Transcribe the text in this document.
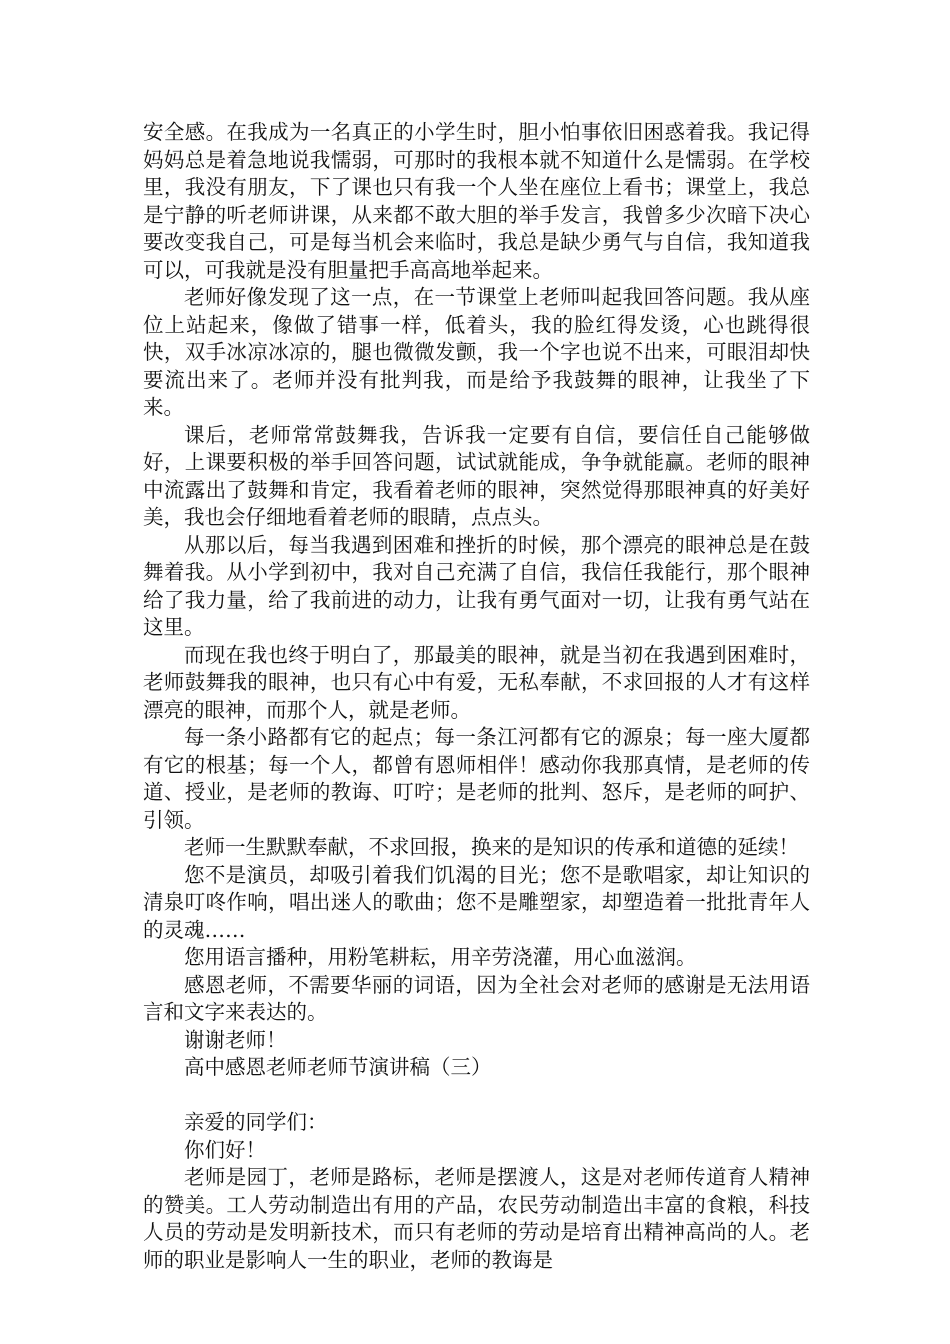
安全感。在我成为一名真正的小学生时，胆小怕事依旧困惑着我。我记得妈妈总是着急地说我懦弱，可那时的我根本就不知道什么是懦弱。在学校里，我没有朋友，下了课也只有我一个人坐在座位上看书；课堂上，我总是宁静的听老师讲课，从来都不敢大胆的举手发言，我曾多少次暗下决心要改变我自己，可是每当机会来临时，我总是缺少勇气与自信，我知道我可以，可我就是没有胆量把手高高地举起来。

老师好像发现了这一点，在一节课堂上老师叫起我回答问题。我从座位上站起来，像做了错事一样，低着头，我的脸红得发烫，心也跳得很快，双手冰凉冰凉的，腿也微微发颤，我一个字也说不出来，可眼泪却快要流出来了。老师并没有批判我，而是给予我鼓舞的眼神，让我坐了下来。

课后，老师常常鼓舞我，告诉我一定要有自信，要信任自己能够做好，上课要积极的举手回答问题，试试就能成，争争就能赢。老师的眼神中流露出了鼓舞和肯定，我看着老师的眼神，突然觉得那眼神真的好美好美，我也会仔细地看着老师的眼睛，点点头。

从那以后，每当我遇到困难和挫折的时候，那个漂亮的眼神总是在鼓舞着我。从小学到初中，我对自己充满了自信，我信任我能行，那个眼神给了我力量，给了我前进的动力，让我有勇气面对一切，让我有勇气站在这里。

而现在我也终于明白了，那最美的眼神，就是当初在我遇到困难时，老师鼓舞我的眼神，也只有心中有爱，无私奉献，不求回报的人才有这样漂亮的眼神，而那个人，就是老师。

每一条小路都有它的起点；每一条江河都有它的源泉；每一座大厦都有它的根基；每一个人，都曾有恩师相伴！感动你我那真情，是老师的传道、授业，是老师的教诲、叮咛；是老师的批判、怒斥，是老师的呵护、引领。

老师一生默默奉献，不求回报，换来的是知识的传承和道德的延续！

您不是演员，却吸引着我们饥渴的目光；您不是歌唱家，却让知识的清泉叮咚作响，唱出迷人的歌曲；您不是雕塑家，却塑造着一批批青年人的灵魂……

您用语言播种，用粉笔耕耘，用辛劳浇灌，用心血滋润。

感恩老师，不需要华丽的词语，因为全社会对老师的感谢是无法用语言和文字来表达的。

谢谢老师！

高中感恩老师老师节演讲稿（三）

亲爱的同学们：

你们好！

老师是园丁，老师是路标，老师是摆渡人，这是对老师传道育人精神的赞美。工人劳动制造出有用的产品，农民劳动制造出丰富的食粮，科技人员的劳动是发明新技术，而只有老师的劳动是培育出精神高尚的人。老师的职业是影响人一生的职业，老师的教诲是
